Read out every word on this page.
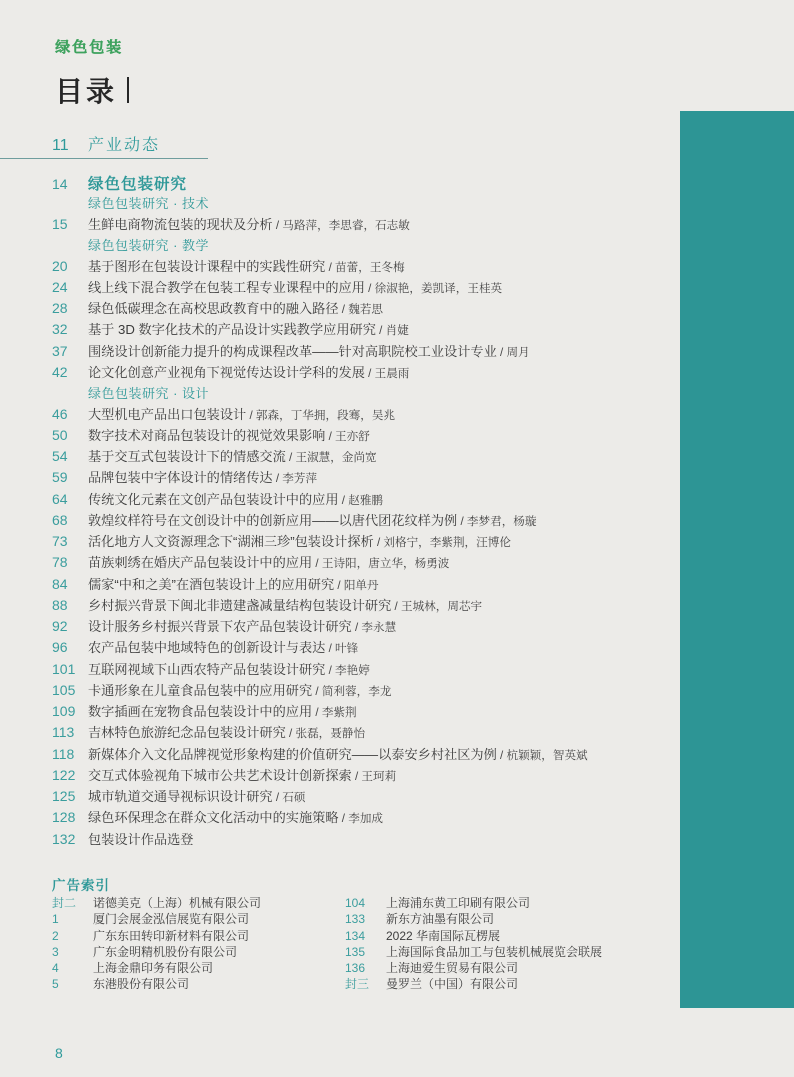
绿色包装
目录
11	产业动态
14	绿色包装研究
绿色包装研究 · 技术
15	生鲜电商物流包装的现状及分析 / 马路萍，李思睿，石志敏
绿色包装研究 · 教学
20	基于图形在包装设计课程中的实践性研究 / 苗蕾，王冬梅
24	线上线下混合教学在包装工程专业课程中的应用 / 徐淑艳，姜凯译，王桂英
28	绿色低碳理念在高校思政教育中的融入路径 / 魏若思
32	基于 3D 数字化技术的产品设计实践教学应用研究 / 肖婕
37	围绕设计创新能力提升的构成课程改革——针对高职院校工业设计专业 / 周月
42	论文化创意产业视角下视觉传达设计学科的发展 / 王晨雨
绿色包装研究 · 设计
46	大型机电产品出口包装设计 / 郭森，丁华拥，段骞，吴兆
50	数字技术对商品包装设计的视觉效果影响 / 王亦舒
54	基于交互式包装设计下的情感交流 / 王淑慧，金尚宽
59	品牌包装中字体设计的情绪传达 / 李芳萍
64	传统文化元素在文创产品包装设计中的应用 / 赵雅鹏
68	敦煌纹样符号在文创设计中的创新应用——以唐代团花纹样为例 / 李梦君，杨璇
73	活化地方人文资源理念下“湖湘三珍”包装设计探析 / 刘格宁，李紫荆，汪博伦
78	苗族刺绣在婚庆产品包装设计中的应用 / 王诗阳，唐立华，杨勇波
84	儒家“中和之美”在酒包装设计上的应用研究 / 阳单丹
88	乡村振兴背景下闽北非遗建盏减量结构包装设计研究 / 王城林，周芯宇
92	设计服务乡村振兴背景下农产品包装设计研究 / 李永慧
96	农产品包装中地域特色的创新设计与表达 / 叶锋
101 互联网视域下山西农特产品包装设计研究 / 李艳婷
105 卡通形象在儿童食品包装中的应用研究 / 简利蓉，李龙
109 数字插画在宠物食品包装设计中的应用 / 李紫荆
113	吉林特色旅游纪念品包装设计研究 / 张磊，聂静怡
118	新媒体介入文化品牌视觉形象构建的价值研究——以泰安乡村社区为例 / 杭颖颖，智英斌
122 交互式体验视角下城市公共艺术设计创新探索 / 王珂莉
125 城市轨道交通导视标识设计研究 / 石硕
128 绿色环保理念在群众文化活动中的实施策略 / 李加成
132 包装设计作品选登
广告索引
封二	诺德美克（上海）机械有限公司
1	厦门会展金泓信展览有限公司
2	广东东田转印新材料有限公司
3	广东金明精机股份有限公司
4	上海金鼎印务有限公司
5	东港股份有限公司
104	上海浦东黄工印刷有限公司
133	新东方油墨有限公司
134	2022 华南国际瓦楞展
135	上海国际食品加工与包装机械展览会联展
136	上海迪爱生贸易有限公司
封三	曼罗兰（中国）有限公司
8
